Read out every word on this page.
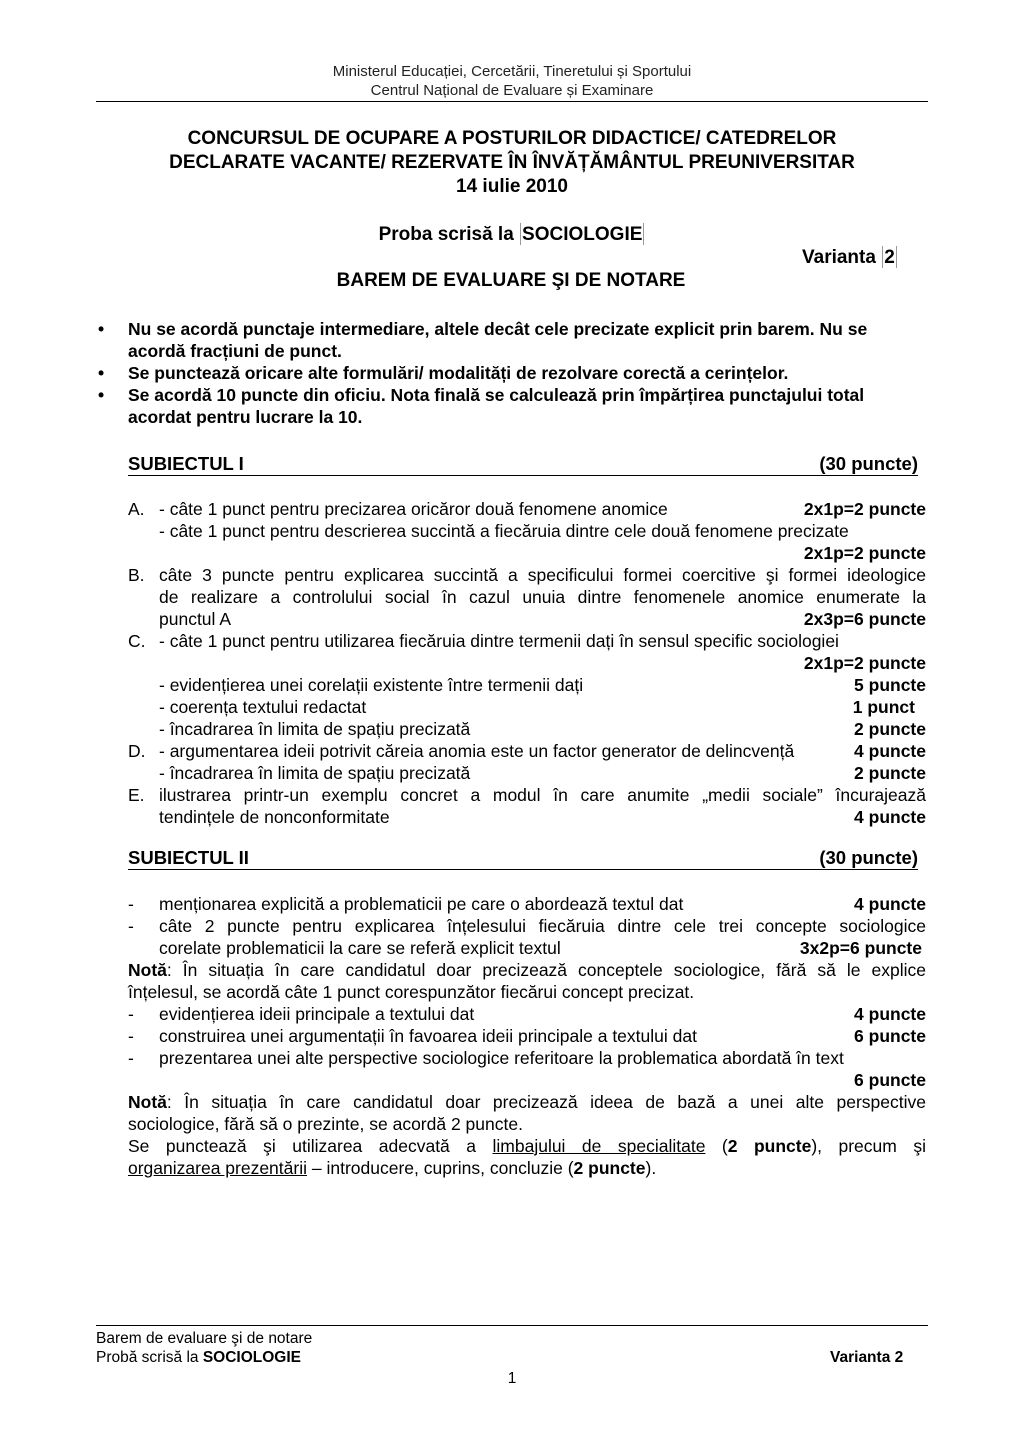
Ministerul Educației, Cercetării, Tineretului și Sportului
Centrul Național de Evaluare și Examinare
CONCURSUL DE OCUPARE A POSTURILOR DIDACTICE/ CATEDRELOR
DECLARATE VACANTE/ REZERVATE ÎN ÎNVĂȚĂMÂNTUL PREUNIVERSITAR
14 iulie 2010
Proba scrisă la SOCIOLOGIE
Varianta 2
BAREM DE EVALUARE ŞI DE NOTARE
• Nu se acordă punctaje intermediare, altele decât cele precizate explicit prin barem. Nu se acordă fracțiuni de punct.
• Se punctează oricare alte formulări/ modalități de rezolvare corectă a cerințelor.
• Se acordă 10 puncte din oficiu. Nota finală se calculează prin împărțirea punctajului total acordat pentru lucrare la 10.
SUBIECTUL I	(30 puncte)
A. - câte 1 punct pentru precizarea oricăror două fenomene anomice	2x1p=2 puncte
- câte 1 punct pentru descrierea succintă a fiecăruia dintre cele două fenomene precizate
2x1p=2 puncte
B. câte 3 puncte pentru explicarea succintă a specificului formei coercitive şi formei ideologice
de realizare a controlului social în cazul unuia dintre fenomenele anomice enumerate la
punctul A	2x3p=6 puncte
C. - câte 1 punct pentru utilizarea fiecăruia dintre termenii dați în sensul specific sociologiei
2x1p=2 puncte
- evidențierea unei corelații existente între termenii dați	5 puncte
- coerența textului redactat	1 punct
- încadrarea în limita de spațiu precizată	2 puncte
D. - argumentarea ideii potrivit căreia anomia este un factor generator de delincvență	4 puncte
- încadrarea în limita de spațiu precizată	2 puncte
E. ilustrarea printr-un exemplu concret a modul în care anumite „medii sociale” încurajează
tendințele de nonconformitate	4 puncte
SUBIECTUL II	(30 puncte)
- menționarea explicită a problematicii pe care o abordează textul dat	4 puncte
- câte 2 puncte pentru explicarea înțelesului fiecăruia dintre cele trei concepte sociologice
corelate problematicii la care se referă explicit textul	3x2p=6 puncte
Notă: În situația în care candidatul doar precizează conceptele sociologice, fără să le explice
înțelesul, se acordă câte 1 punct corespunzător fiecărui concept precizat.
- evidențierea ideii principale a textului dat	4 puncte
- construirea unei argumentații în favoarea ideii principale a textului dat	6 puncte
- prezentarea unei alte perspective sociologice referitoare la problematica abordată în text
6 puncte
Notă: În situația în care candidatul doar precizează ideea de bază a unei alte perspective
sociologice, fără să o prezinte, se acordă 2 puncte.
Se punctează şi utilizarea adecvată a limbajului de specialitate (2 puncte), precum şi
organizarea prezentării – introducere, cuprins, concluzie (2 puncte).
Barem de evaluare şi de notare
Probă scrisă la SOCIOLOGIE	Varianta 2
1
